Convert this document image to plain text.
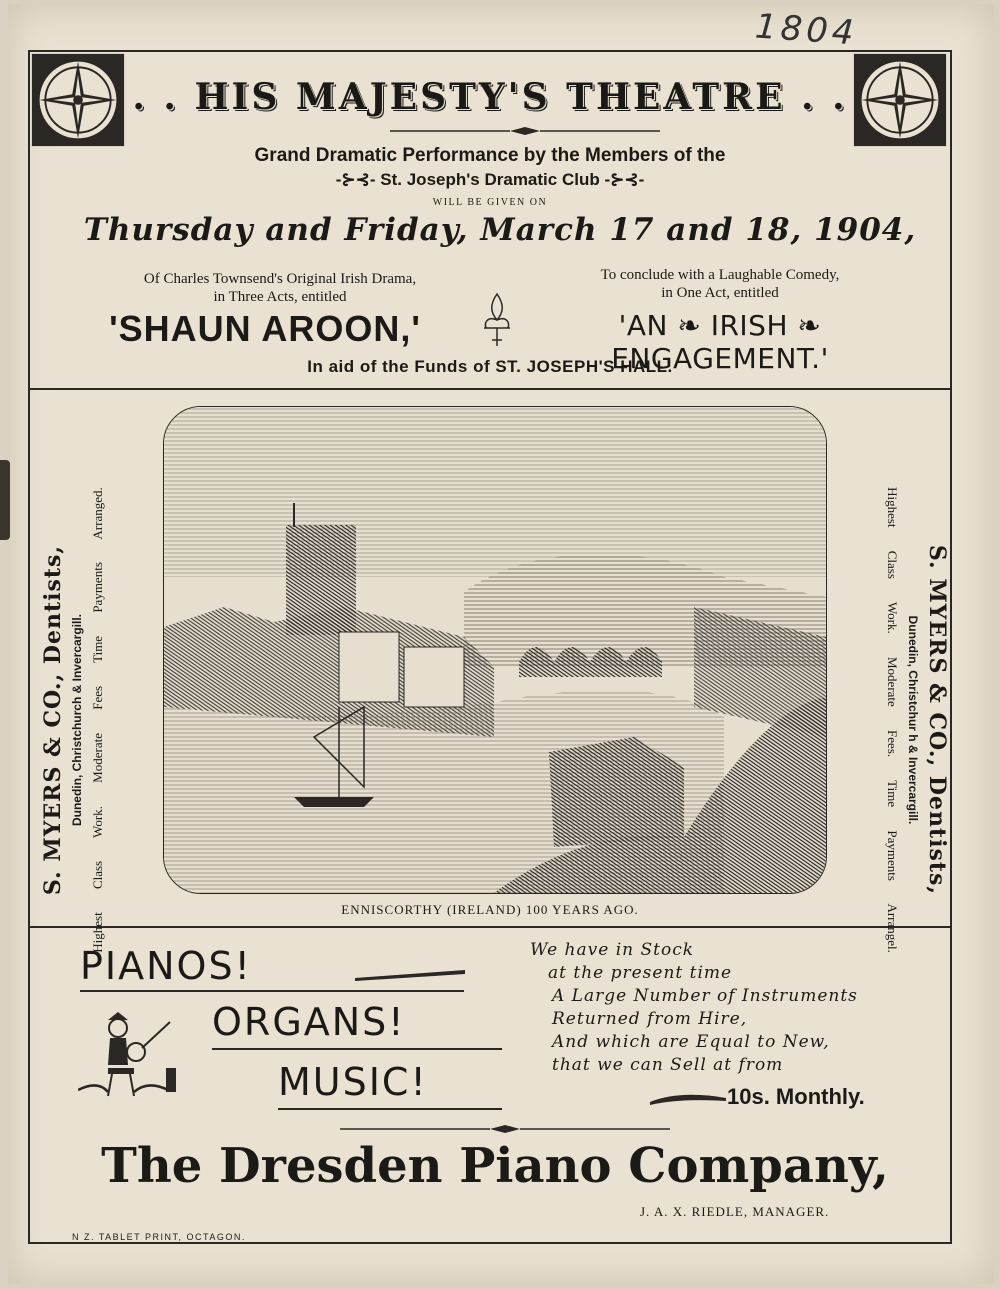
1804
. . HIS MAJESTY'S THEATRE . .
Grand Dramatic Performance by the Members of the
-⊱⊰- St. Joseph's Dramatic Club -⊱⊰-
WILL BE GIVEN ON
Thursday and Friday, March 17 and 18, 1904,
Of Charles Townsend's Original Irish Drama,
in Three Acts, entitled
To conclude with a Laughable Comedy,
in One Act, entitled
'SHAUN AROON,'	'AN ❧ IRISH ❧ ENGAGEMENT.'
In aid of the Funds of ST. JOSEPH'S HALL.
S. MYERS & CO., Dentists, Dunedin, Christchurch & Invercargill.
Highest Class Work. Moderate Fees Time Payments Arranged.	S. MYERS & CO., Dentists,
Dunedin, Christchur h & Invercargill.
Highest Class Work. Moderate Fees. Time Payments Arrangel.
ENNISCORTHY (IRELAND) 100 YEARS AGO.
PIANOS!
ORGANS!
MUSIC!
We have in Stock
at the present time
A Large Number of Instruments
Returned from Hire,
And which are Equal to New,
that we can Sell at from
10s. Monthly.
The Dresden Piano Company,
J. A. X. RIEDLE, MANAGER.
N Z. TABLET PRINT, OCTAGON.
